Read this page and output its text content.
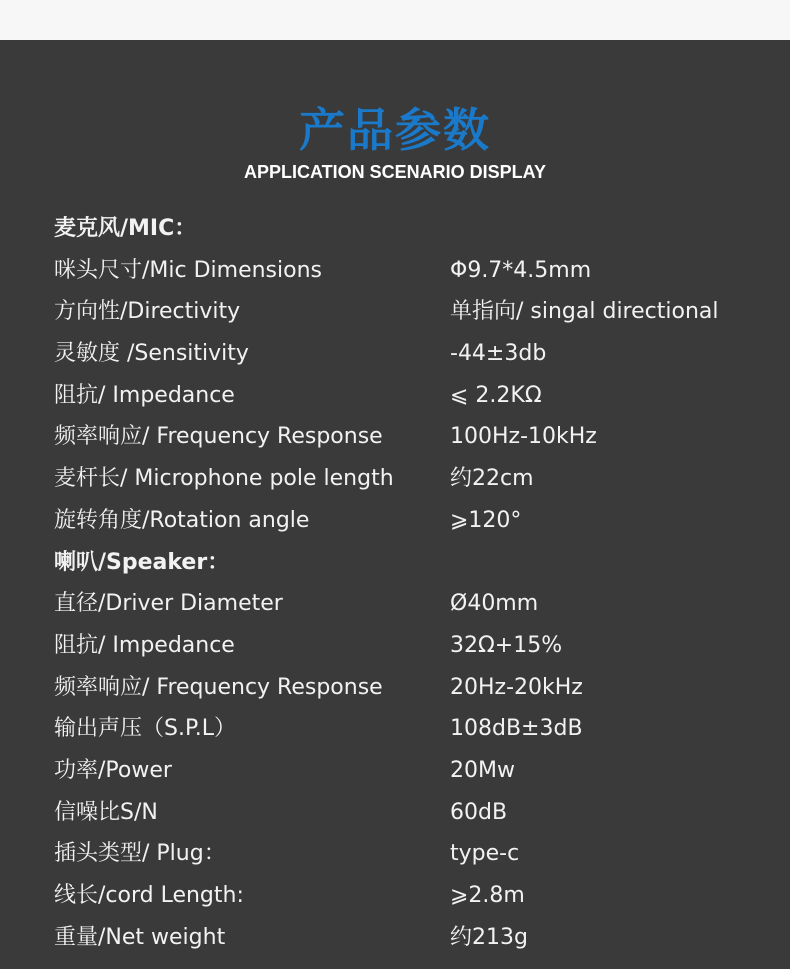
产品参数
APPLICATION SCENARIO DISPLAY
麦克风/MIC：
咪头尺寸/Mic Dimensions	Φ9.7*4.5mm
方向性/Directivity	单指向/ singal directional
灵敏度 /Sensitivity	-44±3db
阻抗/ Impedance	⩽ 2.2KΩ
频率响应/ Frequency Response	100Hz-10kHz
麦杆长/ Microphone pole length	约22cm
旋转角度/Rotation angle	⩾120°
喇叭/Speaker：
直径/Driver Diameter	Ø40mm
阻抗/ Impedance	32Ω+15%
频率响应/ Frequency Response	20Hz-20kHz
输出声压（S.P.L）	108dB±3dB
功率/Power	20Mw
信噪比S/N	60dB
插头类型/ Plug：	type-c
线长/cord Length:	⩾2.8m
重量/Net weight	约213g
